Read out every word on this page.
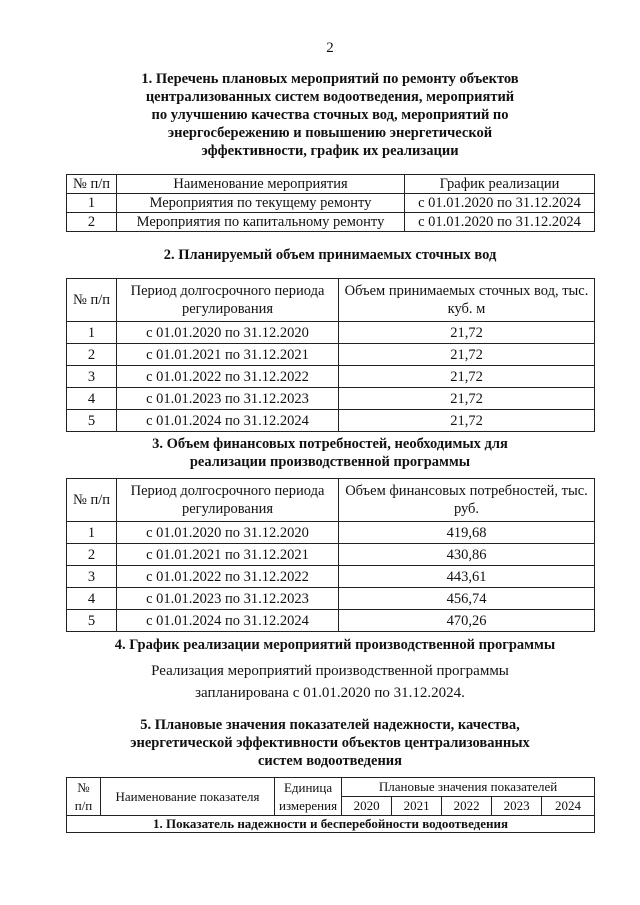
2
1. Перечень плановых мероприятий по ремонту объектов
централизованных систем водоотведения, мероприятий
по улучшению качества сточных вод, мероприятий по
энергосбережению и повышению энергетической
эффективности, график их реализации
№ п/п	Наименование мероприятия	График реализации
1	Мероприятия по текущему ремонту	с 01.01.2020 по 31.12.2024
2	Мероприятия по капитальному ремонту	с 01.01.2020 по 31.12.2024
2. Планируемый объем принимаемых сточных вод
№ п/п	Период долгосрочного периода регулирования	Объем принимаемых сточных вод, тыс. куб. м
1	с 01.01.2020 по 31.12.2020	21,72
2	с 01.01.2021 по 31.12.2021	21,72
3	с 01.01.2022 по 31.12.2022	21,72
4	с 01.01.2023 по 31.12.2023	21,72
5	с 01.01.2024 по 31.12.2024	21,72
3. Объем финансовых потребностей, необходимых для
реализации производственной программы
№ п/п	Период долгосрочного периода регулирования	Объем финансовых потребностей, тыс. руб.
1	с 01.01.2020 по 31.12.2020	419,68
2	с 01.01.2021 по 31.12.2021	430,86
3	с 01.01.2022 по 31.12.2022	443,61
4	с 01.01.2023 по 31.12.2023	456,74
5	с 01.01.2024 по 31.12.2024	470,26
4. График реализации мероприятий производственной программы
Реализация мероприятий производственной программы
запланирована с 01.01.2020 по 31.12.2024.
5. Плановые значения показателей надежности, качества,
энергетической эффективности объектов централизованных
систем водоотведения
№ п/п	Наименование показателя	Единица измерения	Плановые значения показателей				
			2020	2021	2022	2023	2024
1. Показатель надежности и бесперебойности водоотведения							
